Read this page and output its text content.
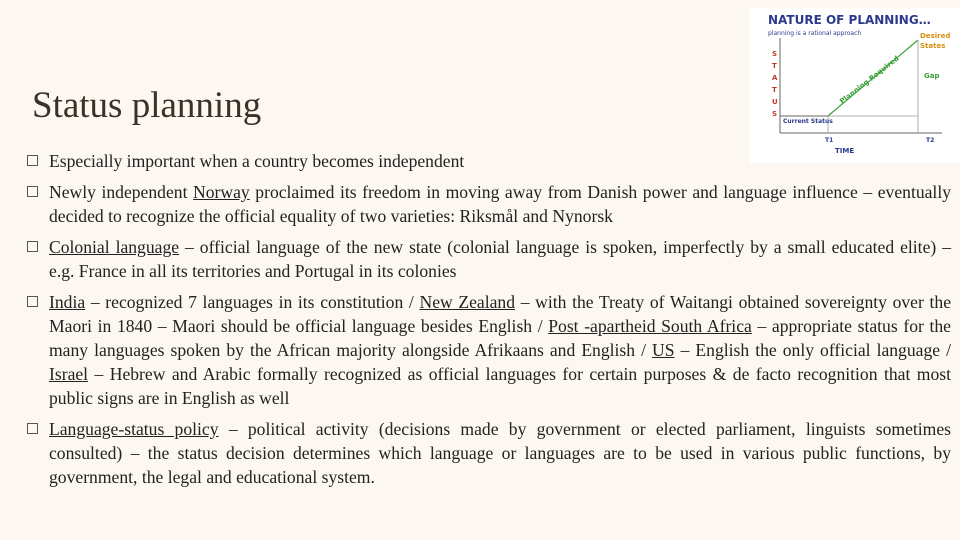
Status planning
Especially important when a country becomes independent
Newly independent Norway proclaimed its freedom in moving away from Danish power and language influence – eventually decided to recognize the official equality of two varieties: Riksmål and Nynorsk
Colonial language – official language of the new state (colonial language is spoken, imperfectly by a small educated elite) – e.g. France in all its territories and Portugal in its colonies
India – recognized 7 languages in its constitution / New Zealand – with the Treaty of Waitangi obtained sovereignty over the Maori in 1840 – Maori should be official language besides English / Post -apartheid South Africa – appropriate status for the many languages spoken by the African majority alongside Afrikaans and English / US – English the only official language / Israel – Hebrew and Arabic formally recognized as official languages for certain purposes & de facto recognition that most public signs are in English as well
Language-status policy – political activity (decisions made by government or elected parliament, linguists sometimes consulted) – the status decision determines which language or languages are to be used in various public functions, by government, the legal and educational system.
NATURE OF PLANNING…
planning is a rational approach
S
T
A
T
U
S
Desired
States
Gap
Planning Required
Current Status
T1	T2
TIME
